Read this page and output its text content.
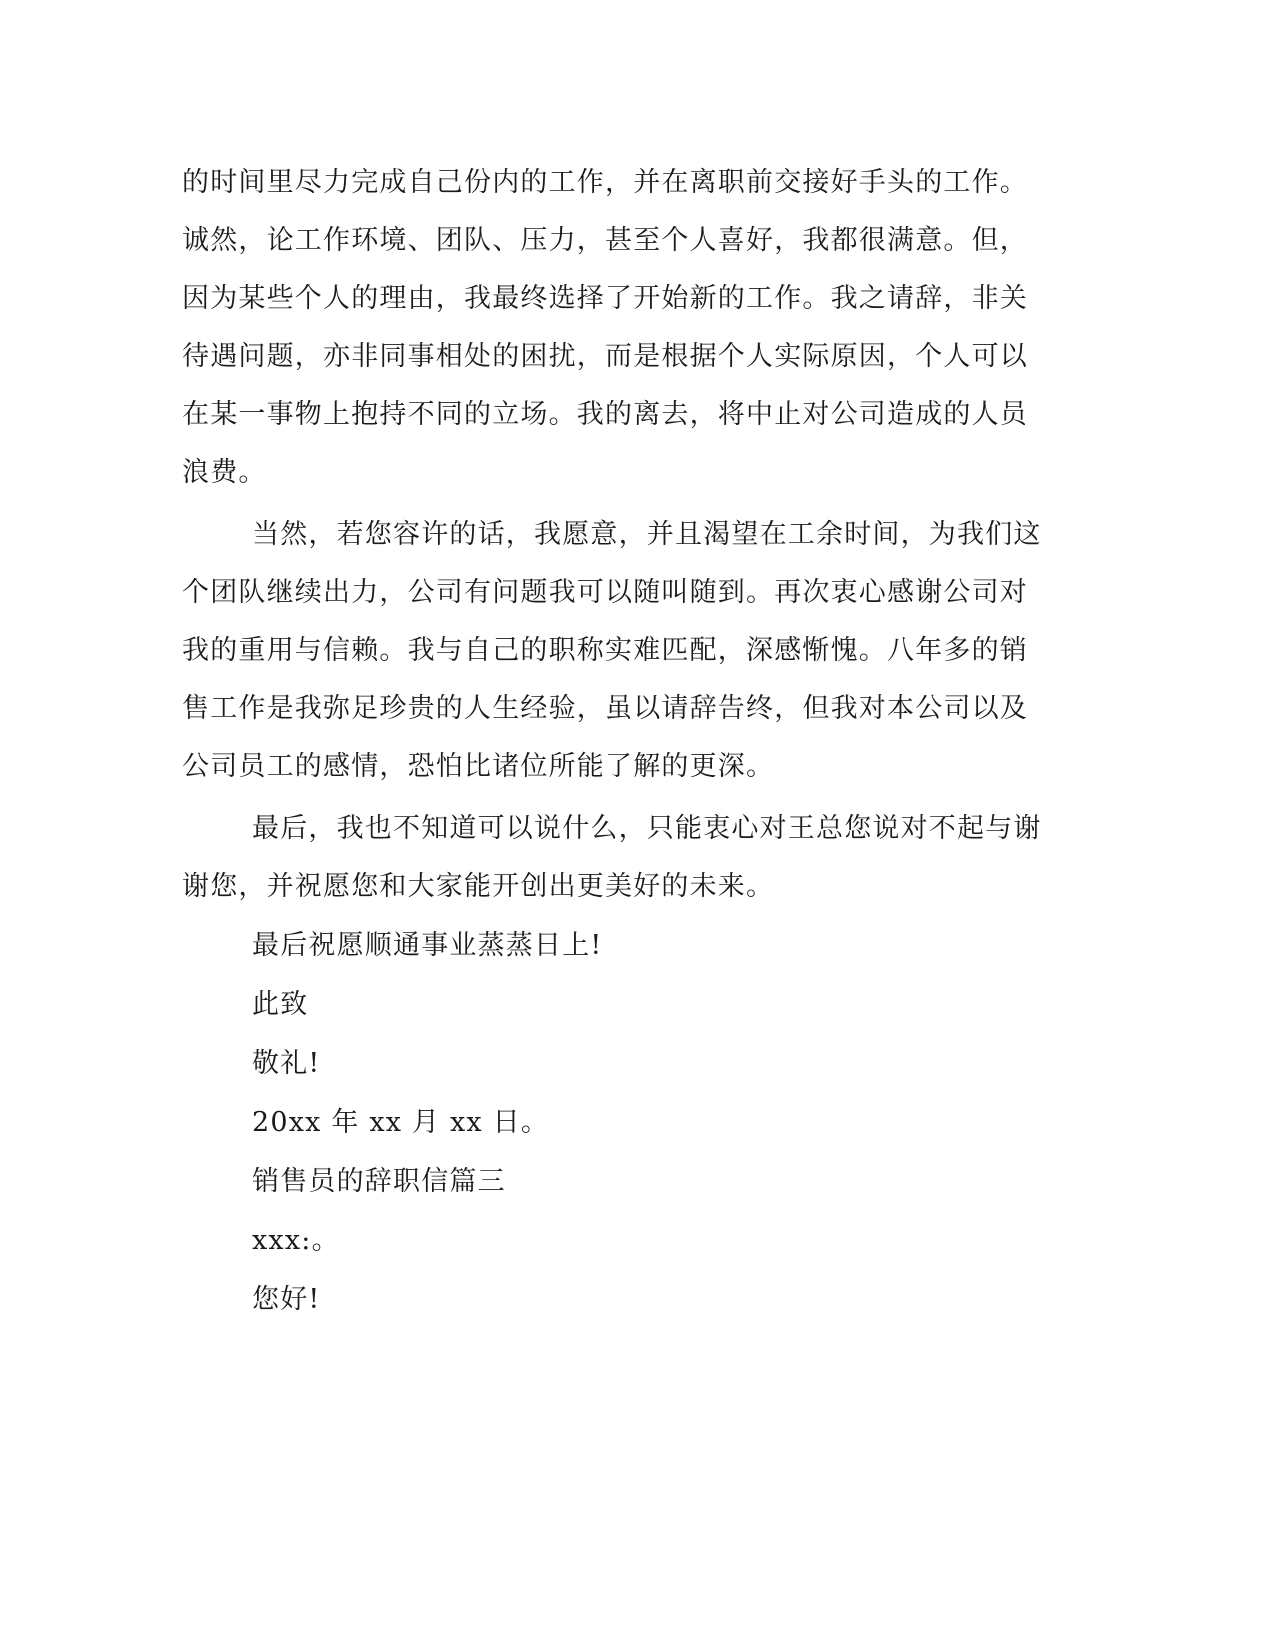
的时间里尽力完成自己份内的工作，并在离职前交接好手头的工作。
诚然，论工作环境、团队、压力，甚至个人喜好，我都很满意。但，
因为某些个人的理由，我最终选择了开始新的工作。我之请辞，非关
待遇问题，亦非同事相处的困扰，而是根据个人实际原因，个人可以
在某一事物上抱持不同的立场。我的离去，将中止对公司造成的人员
浪费。
当然，若您容许的话，我愿意，并且渴望在工余时间，为我们这
个团队继续出力，公司有问题我可以随叫随到。再次衷心感谢公司对
我的重用与信赖。我与自己的职称实难匹配，深感惭愧。八年多的销
售工作是我弥足珍贵的人生经验，虽以请辞告终，但我对本公司以及
公司员工的感情，恐怕比诸位所能了解的更深。
最后，我也不知道可以说什么，只能衷心对王总您说对不起与谢
谢您，并祝愿您和大家能开创出更美好的未来。
最后祝愿顺通事业蒸蒸日上!
此致
敬礼!
20xx 年 xx 月 xx 日。
销售员的辞职信篇三
xxx:。
您好!
